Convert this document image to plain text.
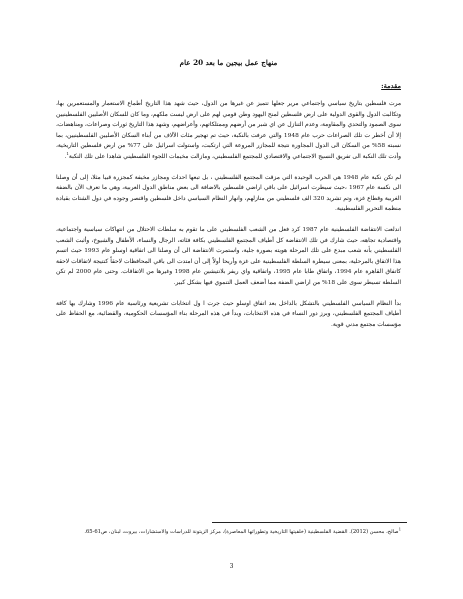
منهاج عمل بيجين ما بعد 20 عام
مقدمة:

مرت فلسطين بتاريخ سياسي واجتماعي مرير جعلها تتميز عن غيرها من الدول، حيث شهد هذا التاريخ أطماع الاستعمار والمستعمرين بها، وتكالبت الدول والقوى الدولية على ارض فلسطين لمنح اليهود وطن قومي لهم على ارض ليست ملكهم، وما كان للسكان الأصليين الفلسطينيين سوى الصمود والتحدي والمقاومة، وعدم التنازل عن اي شبر من أرضهم وممتلكاتهم، وأعراضهم، وشهد هذا التاريخ ثورات وصراعات، ومناهضات، إلا أن أخطر ت تلك الصراعات حرب عام 1948 والتي عرفت بالنكبة، حيث تم تهجير مئات الآلاف من أبناء السكان الأصليين الفلسطينيين، بما نسبته 58% من السكان الى الدول المجاورة نتيجة للمجازر المروعة التي ارتكبت، واستولت اسرائيل على 77% من ارض فلسطين التاريخية، وأدت تلك النكبة الى تفريق النسيج الاجتماعي والاقتصادي للمجتمع الفلسطيني، ومازالت مخيمات اللجوء الفلسطيني شاهدا على تلك النكبة$^1$.

لم تكن نكبة عام 1948 هي الحرب الوحيدة التي مزقت المجتمع الفلسطيني ، بل تبعها احداث ومجازر مخيفة كمجزرة قبيا مثلا، إلى أن وصلنا الى نكسة عام 1967 ،حيث سيطرت اسرائيل على باقي اراضي فلسطين بالاضافة الى بعض مناطق الدول العربية، وهي ما تعرف الآن بالضفة الغربية وقطاع غزة، وتم تشريد 320 الف فلسطيني من منازلهم، وانهار النظام السياسي داخل فلسطين واقتصر وجوده في دول الشتات بقيادة منظمة التحرير الفلسطينية.

اندلعت الانتفاضة الفلسطينية عام 1987 كرد فعل من الشعب الفلسطيني على ما تقوم به سلطات الاحتلال من انتهاكات سياسية واجتماعية، واقتصادية تجاهه، حيث شارك في تلك الانتفاضة كل أطياف المجتمع الفلسطيني بكافة فئاته، الرجال والنساء، الأطفال والشيوخ، وأثبت الشعب الفلسطيني بأنه شعب مبدع على تلك المرحلة هويته بصورة جلية، واستمرت الانتفاضة الى أن وصلنا الى اتفاقية اوسلو عام 1993 حيث اتسم هذا الاتفاق بالمرحلية، بمعنى سيطرة السلطة الفلسطينية على غزة وأريحا أولاً إلى أن امتدت الى باقي المحافظات لاحقاً كنتيجة لاتفاقات لاحقة كاتفاق القاهرة عام 1994، واتفاق طابا عام 1995، واتفاقية واي ريفر بلانتيشين عام 1998 وغيرها من الاتفاقات. وحتى عام 2000 لم تكن السلطة تسيطر سوى على 18% من اراضي الضفة مما أضعف العمل التنموي فيها بشكل كبير.

بدأ النظام السياسي الفلسطيني بالتشكل بالداخل بعد اتفاق اوسلو حيث جرت ا ول انتخابات تشريعية ورئاسية عام 1996 وشارك بها كافة أطياف المجتمع الفلسطيني، وبرز دور النساء في هذه الانتخابات، وبدأ في هذه المرحلة بناء المؤسسات الحكومية، والقضائية، مع الحفاظ على مؤسسات مجتمع مدني قوية.

$^1$صالح، محسن (2012). القضية الفلسطينية (خلفيتها التاريخية وتطوراتها المعاصرة)، مركز الزيتونة للدراسات والاستشارات، بيروت، لبنان، ص61-65.
3
